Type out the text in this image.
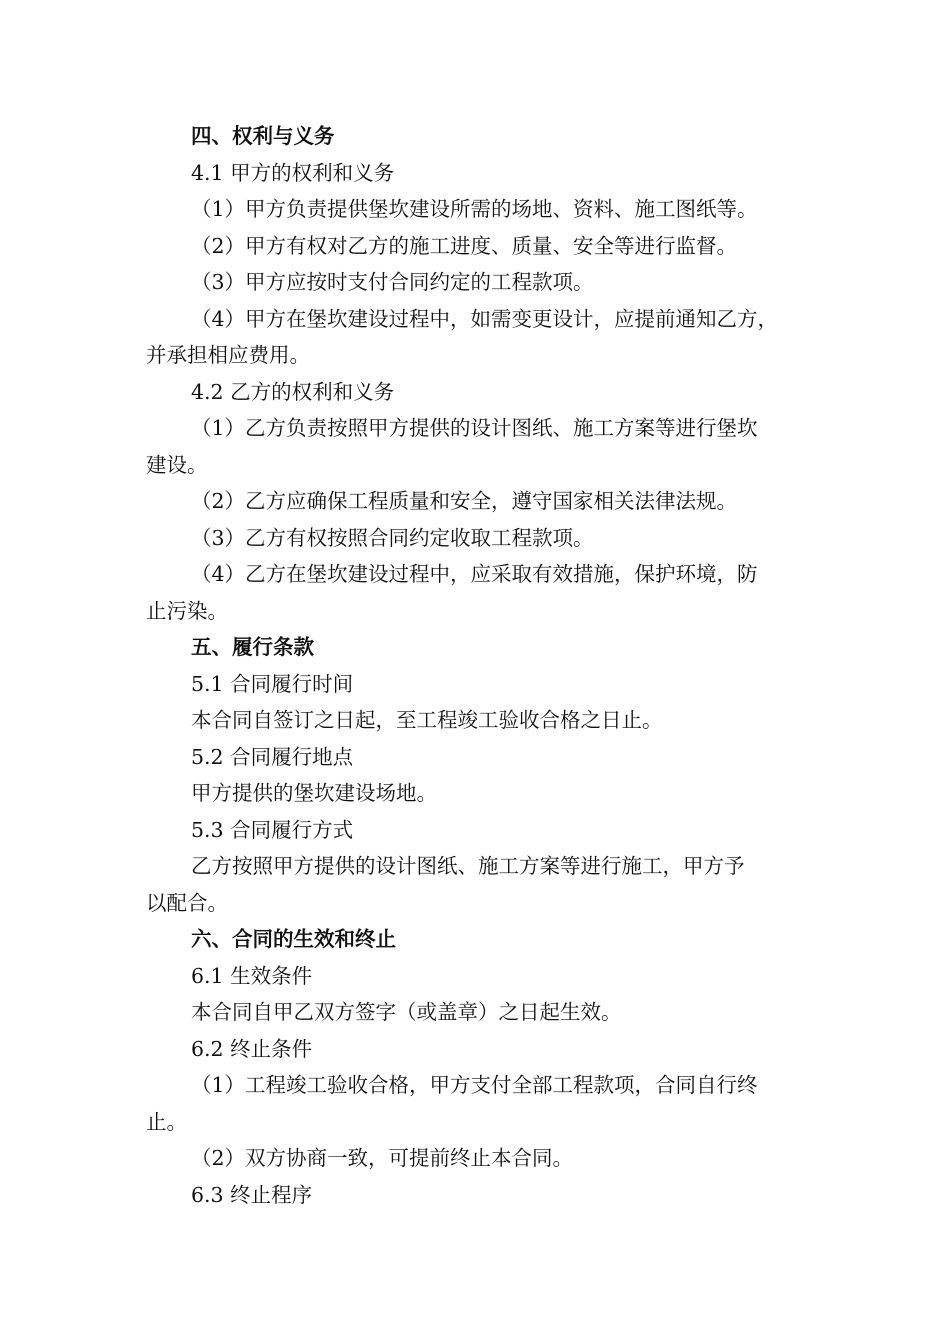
四、权利与义务

4.1 甲方的权利和义务

（1）甲方负责提供堡坎建设所需的场地、资料、施工图纸等。

（2）甲方有权对乙方的施工进度、质量、安全等进行监督。

（3）甲方应按时支付合同约定的工程款项。

（4）甲方在堡坎建设过程中，如需变更设计，应提前通知乙方，

并承担相应费用。

4.2 乙方的权利和义务

（1）乙方负责按照甲方提供的设计图纸、施工方案等进行堡坎

建设。

（2）乙方应确保工程质量和安全，遵守国家相关法律法规。

（3）乙方有权按照合同约定收取工程款项。

（4）乙方在堡坎建设过程中，应采取有效措施，保护环境，防

止污染。

五、履行条款

5.1 合同履行时间

本合同自签订之日起，至工程竣工验收合格之日止。

5.2 合同履行地点

甲方提供的堡坎建设场地。

5.3 合同履行方式

乙方按照甲方提供的设计图纸、施工方案等进行施工，甲方予

以配合。

六、合同的生效和终止

6.1 生效条件

本合同自甲乙双方签字（或盖章）之日起生效。

6.2 终止条件

（1）工程竣工验收合格，甲方支付全部工程款项，合同自行终

止。

（2）双方协商一致，可提前终止本合同。

6.3 终止程序
